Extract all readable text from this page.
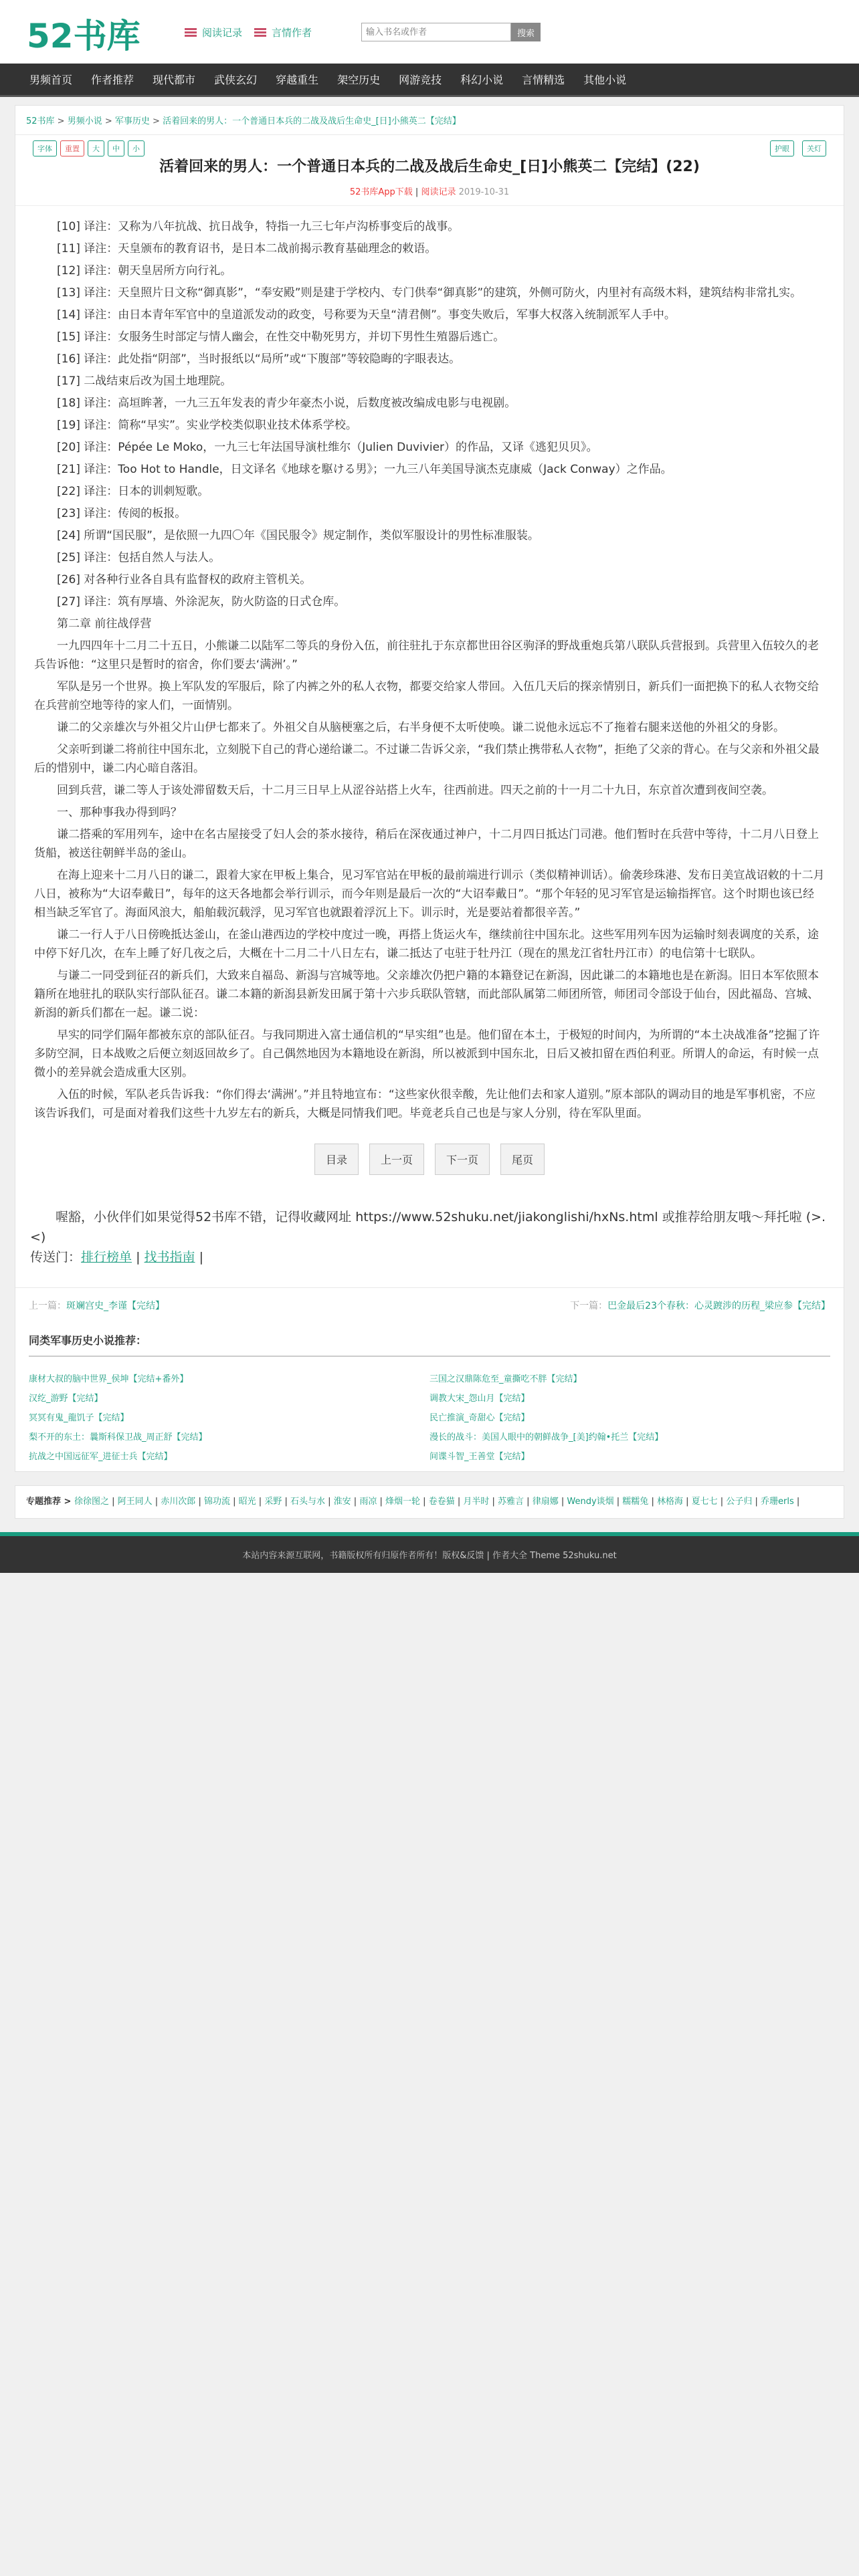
52书库	阅读记录	言情作者
输入书名或作者	搜索
男频首页	作者推荐	现代都市	武侠玄幻	穿越重生	架空历史	网游竞技	科幻小说	言情精选	其他小说
52书库 > 男频小说 > 军事历史 > 活着回来的男人：一个普通日本兵的二战及战后生命史_[日]小熊英二【完结】
字体	重置	大	中	小	护眼	关灯
活着回来的男人：一个普通日本兵的二战及战后生命史_[日]小熊英二【完结】(22)
52书库App下载 | 阅读记录 2019-10-31

[10] 译注：又称为八年抗战、抗日战争，特指一九三七年卢沟桥事变后的战事。

[11] 译注：天皇颁布的教育诏书，是日本二战前揭示教育基础理念的敕语。

[12] 译注：朝天皇居所方向行礼。

[13] 译注：天皇照片日文称“御真影”，“奉安殿”则是建于学校内、专门供奉“御真影”的建筑，外侧可防火，内里衬有高级木料，建筑结构非常扎实。

[14] 译注：由日本青年军官中的皇道派发动的政变，号称要为天皇“清君侧”。事变失败后，军事大权落入统制派军人手中。

[15] 译注：女服务生时部定与情人幽会，在性交中勒死男方，并切下男性生殖器后逃亡。

[16] 译注：此处指“阴部”，当时报纸以“局所”或“下腹部”等较隐晦的字眼表达。

[17] 二战结束后改为国土地理院。

[18] 译注：高垣眸著，一九三五年发表的青少年豪杰小说，后数度被改编成电影与电视剧。

[19] 译注：简称“早实”。实业学校类似职业技术体系学校。

[20] 译注：Pépée Le Moko，一九三七年法国导演杜维尔（Julien Duvivier）的作品，又译《逃犯贝贝》。

[21] 译注：Too Hot to Handle，日文译名《地球を駆ける男》；一九三八年美国导演杰克康威（Jack Conway）之作品。

[22] 译注：日本的训刺短歌。

[23] 译注：传阅的板报。

[24] 所谓“国民服”，是依照一九四〇年《国民服令》规定制作，类似军服设计的男性标准服装。

[25] 译注：包括自然人与法人。

[26] 对各种行业各自具有监督权的政府主管机关。

[27] 译注：筑有厚墙、外涂泥灰，防火防盗的日式仓库。

第二章 前往战俘营

一九四四年十二月二十五日，小熊谦二以陆军二等兵的身份入伍，前往驻扎于东京都世田谷区驹泽的野战重炮兵第八联队兵营报到。兵营里入伍较久的老兵告诉他：“这里只是暂时的宿舍，你们要去‘满洲’。”

军队是另一个世界。换上军队发的军服后，除了内裤之外的私人衣物，都要交给家人带回。入伍几天后的探亲情别日，新兵们一面把换下的私人衣物交给在兵营前空地等待的家人们，一面情别。

谦二的父亲雄次与外祖父片山伊七都来了。外祖父自从脑梗塞之后，右半身便不太听使唤。谦二说他永远忘不了拖着右腿来送他的外祖父的身影。

父亲听到谦二将前往中国东北，立刻脱下自己的背心递给谦二。不过谦二告诉父亲，“我们禁止携带私人衣物”，拒绝了父亲的背心。在与父亲和外祖父最后的惜别中，谦二内心暗自落泪。

回到兵营，谦二等人于该处滞留数天后，十二月三日早上从涩谷站搭上火车，往西前进。四天之前的十一月二十九日，东京首次遭到夜间空袭。

一、那种事我办得到吗？

谦二搭乘的军用列车，途中在名古屋接受了妇人会的茶水接待，稍后在深夜通过神户，十二月四日抵达门司港。他们暂时在兵营中等待，十二月八日登上货船，被送往朝鲜半岛的釜山。

在海上迎来十二月八日的谦二，跟着大家在甲板上集合，见习军官站在甲板的最前端进行训示（类似精神训话）。偷袭珍珠港、发布日美宣战诏敕的十二月八日，被称为“大诏奉戴日”，每年的这天各地都会举行训示，而今年则是最后一次的“大诏奉戴日”。“那个年轻的见习军官是运输指挥官。这个时期也该已经相当缺乏军官了。海面风浪大，船舶载沉载浮，见习军官也就跟着浮沉上下。训示时，光是要站着都很辛苦。”

谦二一行人于八日傍晚抵达釜山，在釜山港西边的学校中度过一晚，再搭上货运火车，继续前往中国东北。这些军用列车因为运输时刻表调度的关系，途中停下好几次，在车上睡了好几夜之后，大概在十二月二十八日左右，谦二抵达了屯驻于牡丹江（现在的黑龙江省牡丹江市）的电信第十七联队。

与谦二一同受到征召的新兵们，大致来自福岛、新潟与宫城等地。父亲雄次仍把户籍的本籍登记在新潟，因此谦二的本籍地也是在新潟。旧日本军依照本籍所在地驻扎的联队实行部队征召。谦二本籍的新潟县新发田属于第十六步兵联队管辖，而此部队属第二师团所管，师团司令部设于仙台，因此福岛、宫城、新潟的新兵们都在一起。谦二说：

早实的同学们隔年都被东京的部队征召。与我同期进入富士通信机的“早实组”也是。他们留在本土，于极短的时间内，为所谓的“本土决战准备”挖掘了许多防空洞，日本战败之后便立刻返回故乡了。自己偶然地因为本籍地设在新潟，所以被派到中国东北，日后又被扣留在西伯利亚。所谓人的命运，有时候一点微小的差异就会造成重大区别。

入伍的时候，军队老兵告诉我：“你们得去‘满洲’。”并且特地宣布：“这些家伙很幸酸，先让他们去和家人道别。”原本部队的调动目的地是军事机密，不应该告诉我们，可是面对着我们这些十九岁左右的新兵，大概是同情我们吧。毕竟老兵自己也是与家人分别，待在军队里面。

目录	上一页	下一页	尾页
喔豁，小伙伴们如果觉得52书库不错，记得收藏网址 https://www.52shuku.net/jiakonglishi/hxNs.html 或推荐给朋友哦～拜托啦 (>.<)
传送门：排行榜单 | 找书指南 |
上一篇：斑斓宫史_李谨【完结】	下一篇：巴金最后23个春秋：心灵踱涉的历程_梁应参【完结】
同类军事历史小说推荐：
康材大叔的脑中世界_侯坤【完结+番外】	三国之汉鼎陈危至_童撕吃不胖【完结】
汉纥_游野【完结】	调教大宋_怨山月【完结】
冥冥有鬼_龍饥子【完结】	民亡推演_奇甜心【完结】
梨不开的东土：曩斯科保卫战_周正舒【完结】	漫长的战斗：美国人眼中的朝鲜战争_[美]约翰•托兰【完结】
抗战之中国远征军_进征士兵【完结】	间谍斗智_王善堂【完结】
专题推荐 > 徐徐图之 | 阿王同人 | 赤川次郎 | 锦功流 | 昭光 | 采野 | 石头与水 | 淮安 | 雨凉 | 烽烟一轮 | 卷卷猫 | 月半时 | 苏雅言 | 律扇娜 | Wendy谈烟 | 糯糯兔 | 林格海 | 夏七七 | 公子归 | 乔珊erls |
本站内容来源互联网，书籍版权所有归原作者所有！版权&反馈 | 作者大全 Theme 52shuku.net
